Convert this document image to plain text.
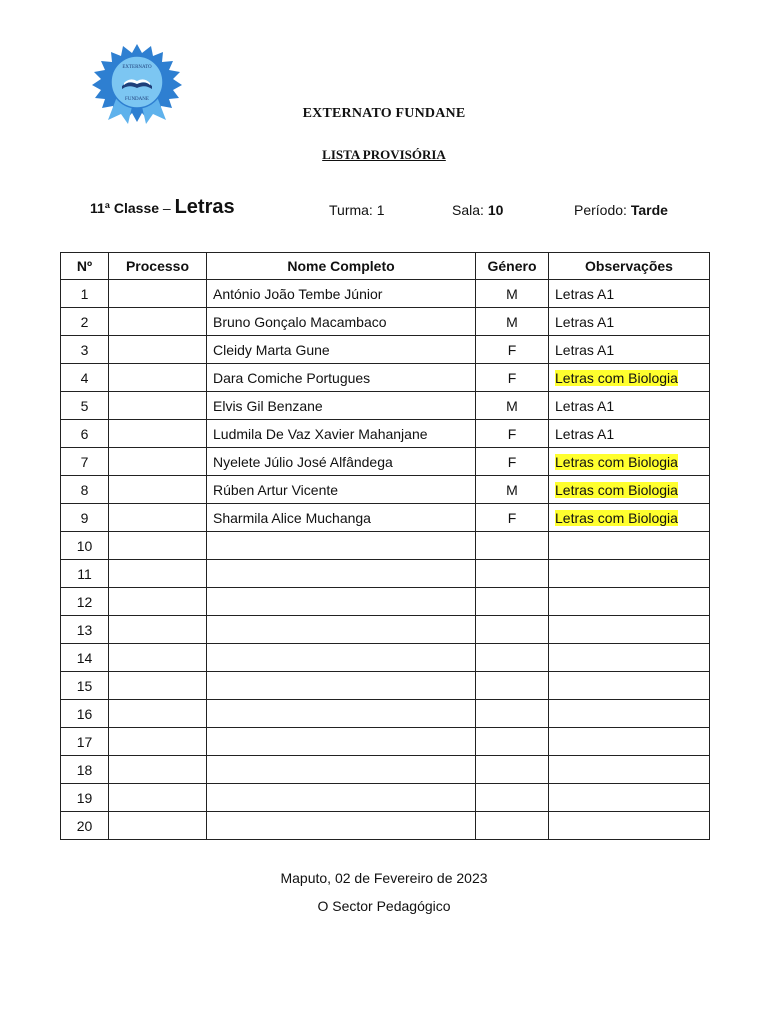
EXTERNATO
FUNDANE
EXTERNATO FUNDANE
LISTA PROVISÓRIA
11ª Classe – Letras	Turma: 1	Sala: 10	Período: Tarde
Nº	Processo	Nome Completo	Género	Observações
1		António João Tembe Júnior	M	Letras A1
2		Bruno Gonçalo Macambaco	M	Letras A1
3		Cleidy Marta Gune	F	Letras A1
4		Dara Comiche Portugues	F	Letras com Biologia
5		Elvis Gil Benzane	M	Letras A1
6		Ludmila De Vaz Xavier Mahanjane	F	Letras A1
7		Nyelete Júlio José Alfândega	F	Letras com Biologia
8		Rúben Artur Vicente	M	Letras com Biologia
9		Sharmila Alice Muchanga	F	Letras com Biologia
10				
11				
12				
13				
14				
15				
16				
17				
18				
19				
20				
Maputo, 02 de Fevereiro de 2023
O Sector Pedagógico
